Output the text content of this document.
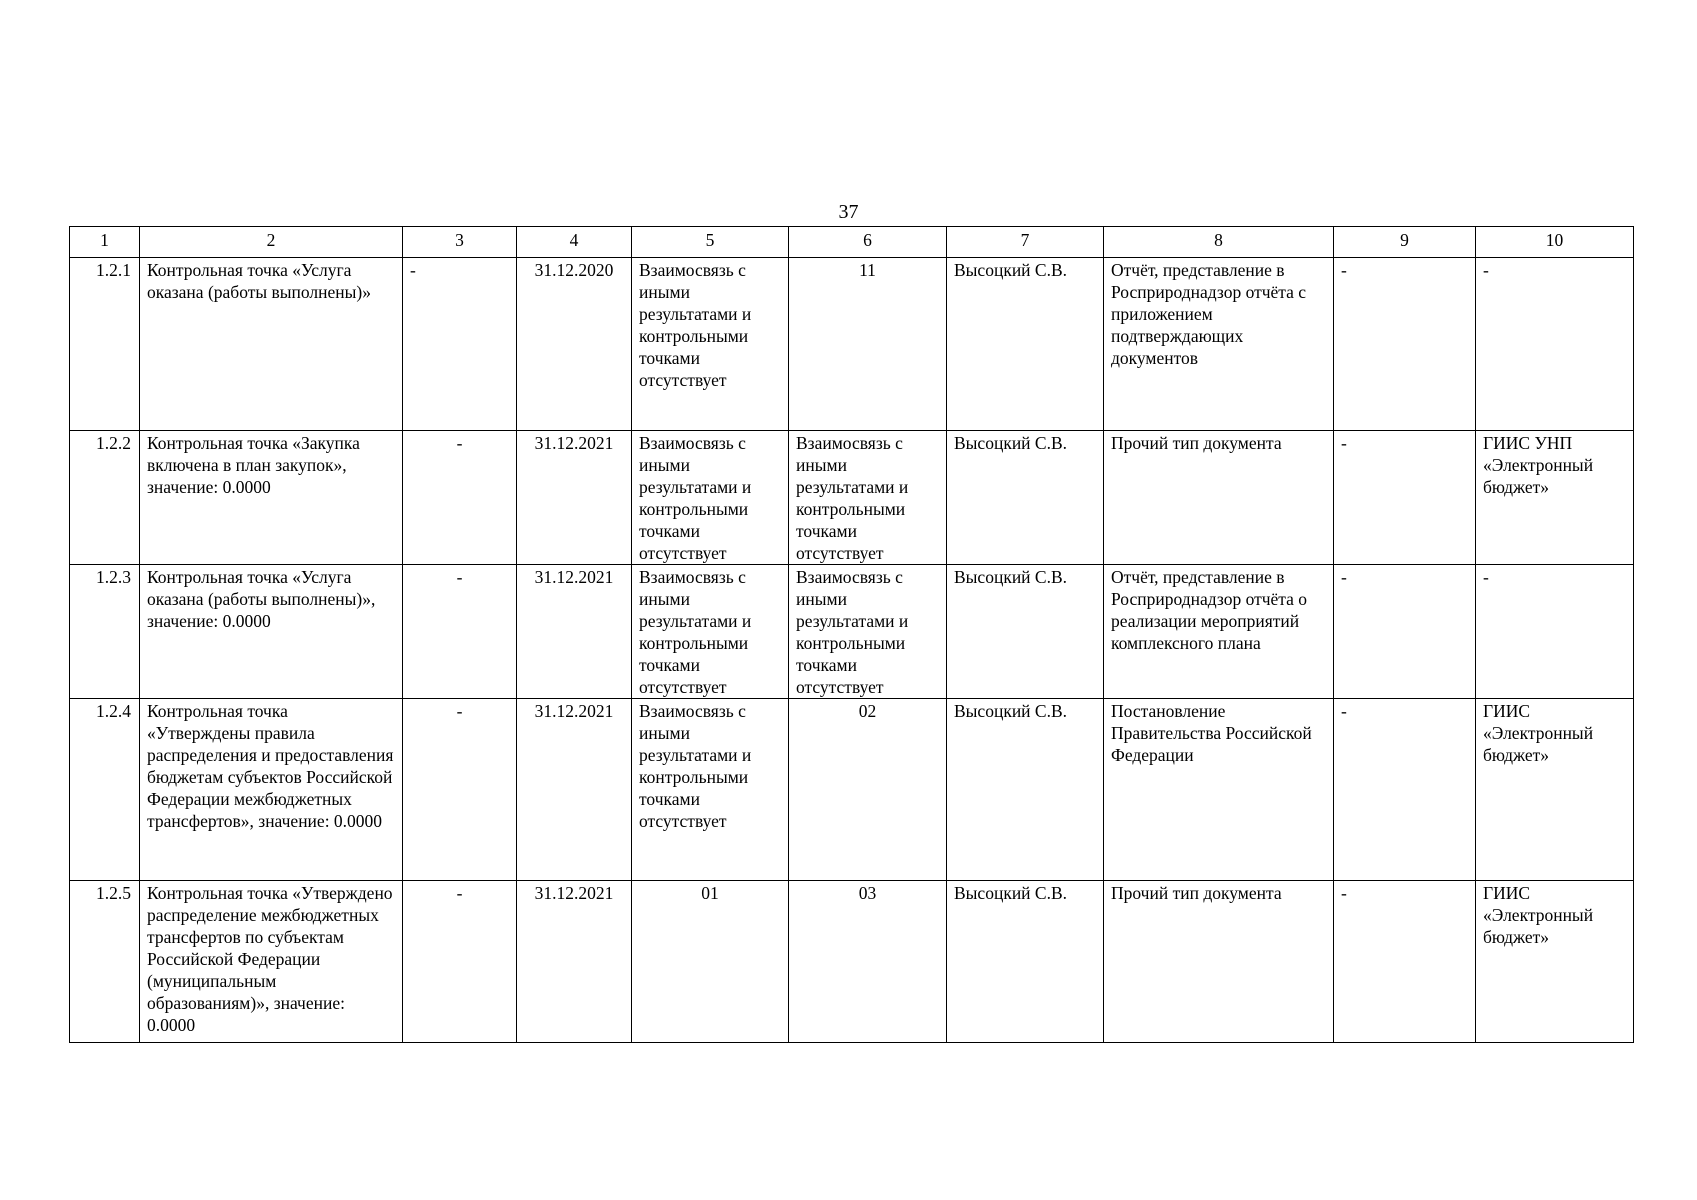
37
1	2	3	4	5	6	7	8	9	10
1.2.1	Контрольная точка «Услуга оказана (работы выполнены)»	-	31.12.2020	Взаимосвязь с иными результатами и контрольными точками отсутствует	11	Высоцкий С.В.	Отчёт, представление в Росприроднадзор отчёта с приложением подтверждающих документов	-	-
1.2.2	Контрольная точка «Закупка включена в план закупок», значение: 0.0000	-	31.12.2021	Взаимосвязь с иными результатами и контрольными точками отсутствует	Взаимосвязь с иными результатами и контрольными точками отсутствует	Высоцкий С.В.	Прочий тип документа	-	ГИИС УНП «Электронный бюджет»
1.2.3	Контрольная точка «Услуга оказана (работы выполнены)», значение: 0.0000	-	31.12.2021	Взаимосвязь с иными результатами и контрольными точками отсутствует	Взаимосвязь с иными результатами и контрольными точками отсутствует	Высоцкий С.В.	Отчёт, представление в Росприроднадзор отчёта о реализации мероприятий комплексного плана	-	-
1.2.4	Контрольная точка «Утверждены правила распределения и предоставления бюджетам субъектов Российской Федерации межбюджетных трансфертов», значение: 0.0000	-	31.12.2021	Взаимосвязь с иными результатами и контрольными точками отсутствует	02	Высоцкий С.В.	Постановление Правительства Российской Федерации	-	ГИИС «Электронный бюджет»
1.2.5	Контрольная точка «Утверждено распределение межбюджетных трансфертов по субъектам Российской Федерации (муниципальным образованиям)», значение: 0.0000	-	31.12.2021	01	03	Высоцкий С.В.	Прочий тип документа	-	ГИИС «Электронный бюджет»
